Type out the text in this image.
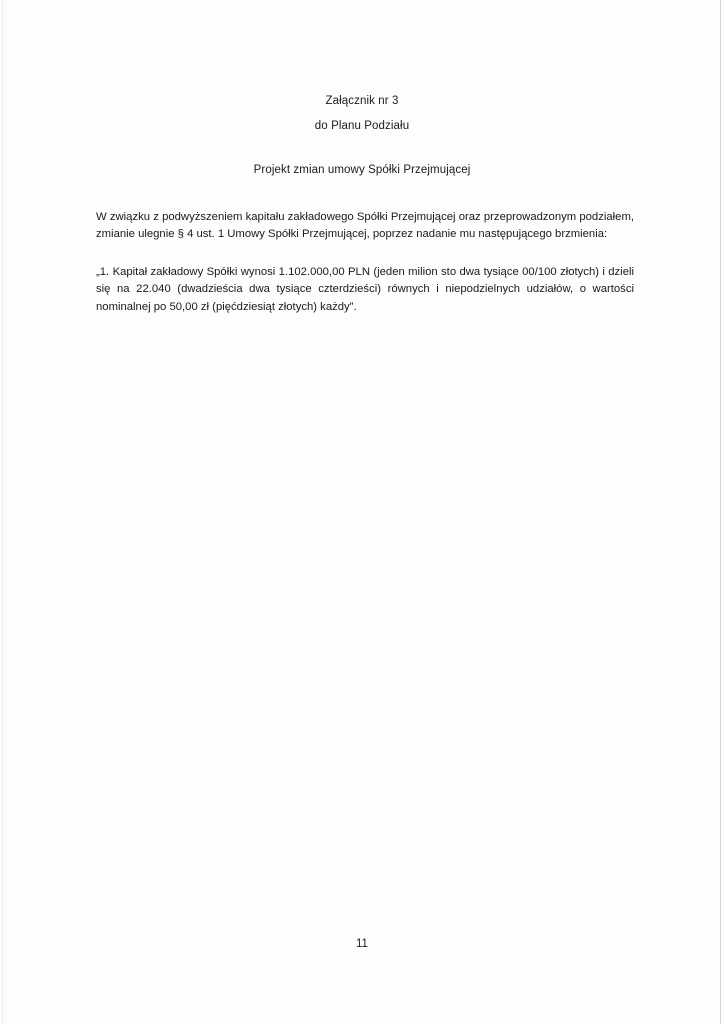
Załącznik nr 3
do Planu Podziału
Projekt zmian umowy Spółki Przejmującej

W związku z podwyższeniem kapitału zakładowego Spółki Przejmującej oraz przeprowadzonym podziałem, zmianie ulegnie § 4 ust. 1 Umowy Spółki Przejmującej, poprzez nadanie mu następującego brzmienia:

„1. Kapitał zakładowy Spółki wynosi 1.102.000,00 PLN (jeden milion sto dwa tysiące 00/100 złotych) i dzieli się na 22.040 (dwadzieścia dwa tysiące czterdzieści) równych i niepodzielnych udziałów, o wartości nominalnej po 50,00 zł (pięćdziesiąt złotych) każdy”.

11
